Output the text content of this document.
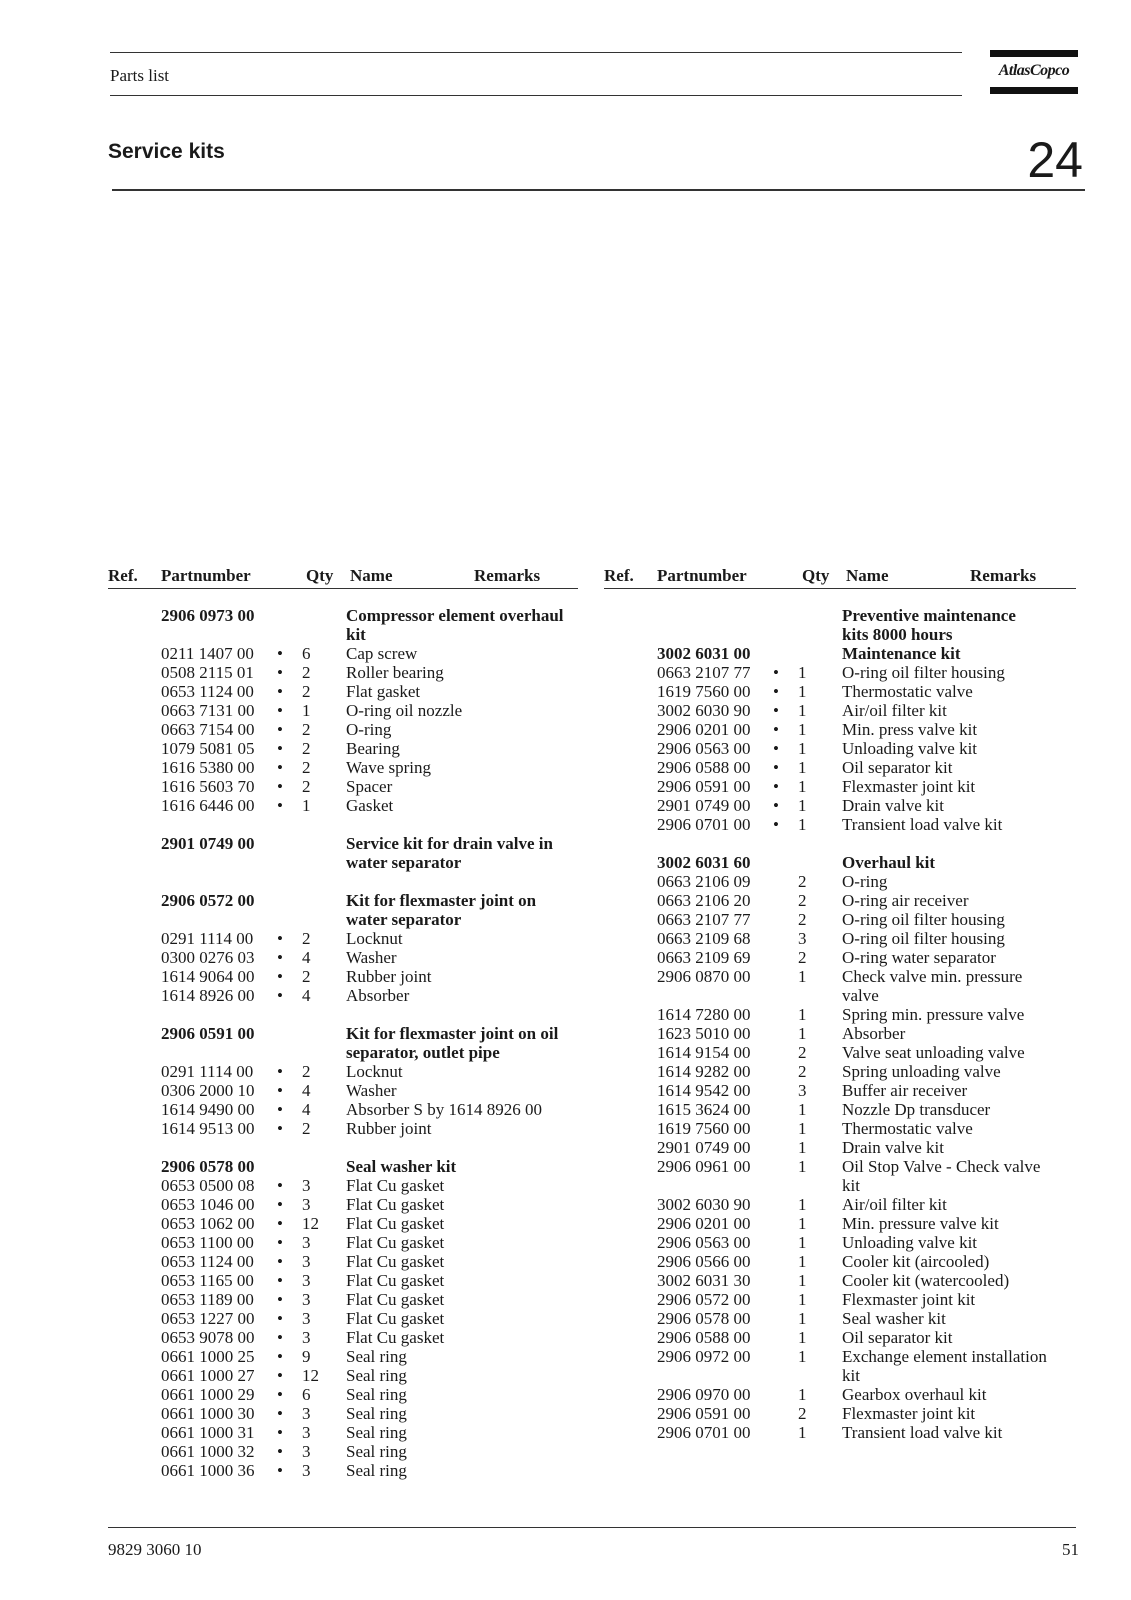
Parts list	AtlasCopco
Service kits	24
Ref. Partnumber	Qty Name	Remarks	Ref. Partnumber	Qty Name	Remarks
2906 0973 00	Compressor element overhaul
kit
0211 1407 00 • 6 Cap screw
0508 2115 01 • 2 Roller bearing
0653 1124 00 • 2 Flat gasket
0663 7131 00 • 1 O-ring oil nozzle
0663 7154 00 • 2 O-ring
1079 5081 05 • 2 Bearing
1616 5380 00 • 2 Wave spring
1616 5603 70 • 2 Spacer
1616 6446 00 • 1 Gasket
2901 0749 00	Service kit for drain valve in
water separator
2906 0572 00	Kit for flexmaster joint on
water separator
0291 1114 00 • 2 Locknut
0300 0276 03 • 4 Washer
1614 9064 00 • 2 Rubber joint
1614 8926 00 • 4 Absorber
2906 0591 00	Kit for flexmaster joint on oil
separator, outlet pipe
0291 1114 00 • 2 Locknut
0306 2000 10 • 4 Washer
1614 9490 00 • 4 Absorber S by 1614 8926 00
1614 9513 00 • 2 Rubber joint
2906 0578 00	Seal washer kit
0653 0500 08 • 3 Flat Cu gasket
0653 1046 00 • 3 Flat Cu gasket
0653 1062 00 • 12 Flat Cu gasket
0653 1100 00 • 3 Flat Cu gasket
0653 1124 00 • 3 Flat Cu gasket
0653 1165 00 • 3 Flat Cu gasket
0653 1189 00 • 3 Flat Cu gasket
0653 1227 00 • 3 Flat Cu gasket
0653 9078 00 • 3 Flat Cu gasket
0661 1000 25 • 9 Seal ring
0661 1000 27 • 12 Seal ring
0661 1000 29 • 6 Seal ring
0661 1000 30 • 3 Seal ring
0661 1000 31 • 3 Seal ring
0661 1000 32 • 3 Seal ring
0661 1000 36 • 3 Seal ring
Preventive maintenance
kits 8000 hours
3002 6031 00	Maintenance kit
0663 2107 77 • 1 O-ring oil filter housing
1619 7560 00 • 1 Thermostatic valve
3002 6030 90 • 1 Air/oil filter kit
2906 0201 00 • 1 Min. press valve kit
2906 0563 00 • 1 Unloading valve kit
2906 0588 00 • 1 Oil separator kit
2906 0591 00 • 1 Flexmaster joint kit
2901 0749 00 • 1 Drain valve kit
2906 0701 00 • 1 Transient load valve kit
3002 6031 60	Overhaul kit
0663 2106 09	2 O-ring
0663 2106 20	2 O-ring air receiver
0663 2107 77	2 O-ring oil filter housing
0663 2109 68	3 O-ring oil filter housing
0663 2109 69	2 O-ring water separator
2906 0870 00	1 Check valve min. pressure
valve
1614 7280 00	1 Spring min. pressure valve
1623 5010 00	1 Absorber
1614 9154 00	2 Valve seat unloading valve
1614 9282 00	2 Spring unloading valve
1614 9542 00	3 Buffer air receiver
1615 3624 00	1 Nozzle Dp transducer
1619 7560 00	1 Thermostatic valve
2901 0749 00	1 Drain valve kit
2906 0961 00	1 Oil Stop Valve - Check valve
kit
3002 6030 90	1 Air/oil filter kit
2906 0201 00	1 Min. pressure valve kit
2906 0563 00	1 Unloading valve kit
2906 0566 00	1 Cooler kit (aircooled)
3002 6031 30	1 Cooler kit (watercooled)
2906 0572 00	1 Flexmaster joint kit
2906 0578 00	1 Seal washer kit
2906 0588 00	1 Oil separator kit
2906 0972 00	1 Exchange element installation
kit
2906 0970 00	1 Gearbox overhaul kit
2906 0591 00	2 Flexmaster joint kit
2906 0701 00	1 Transient load valve kit
9829 3060 10	51
